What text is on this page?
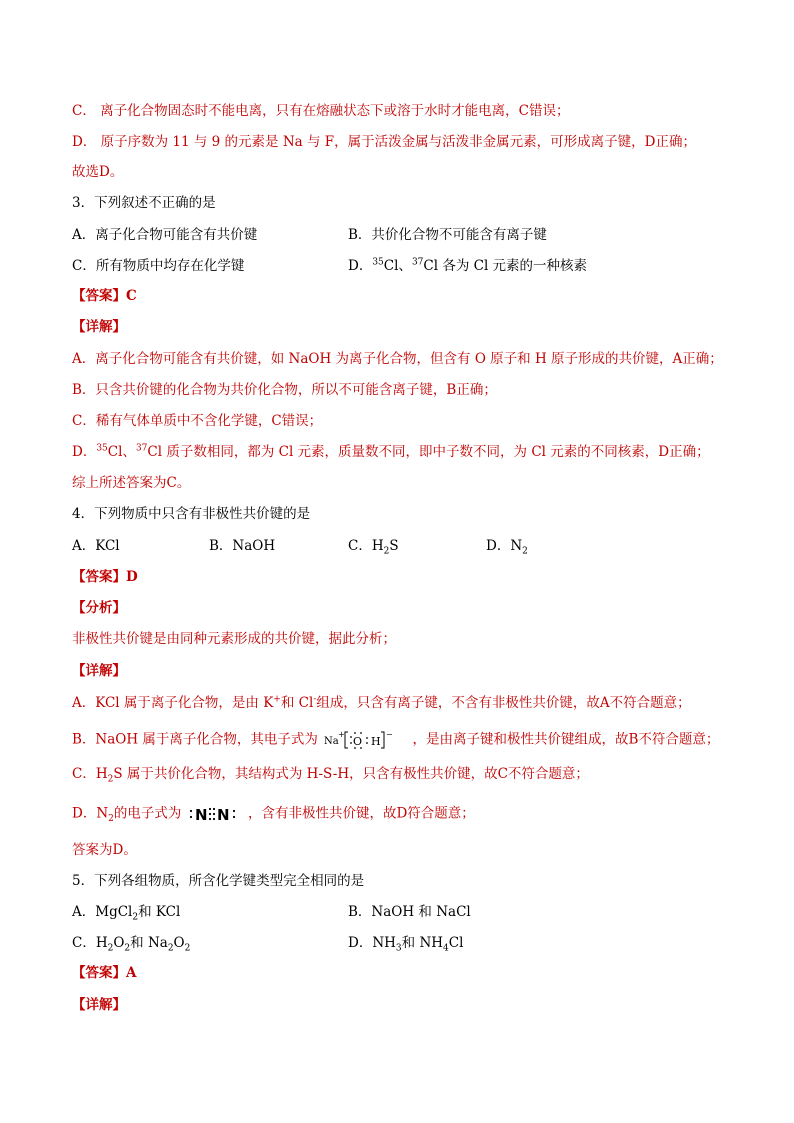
C． 离子化合物固态时不能电离，只有在熔融状态下或溶于水时才能电离，C错误；
D． 原子序数为 11 与 9 的元素是 Na 与 F，属于活泼金属与活泼非金属元素，可形成离子键，D正确；
故选D。
3．下列叙述不正确的是
A．离子化合物可能含有共价键	B．共价化合物不可能含有离子键
C．所有物质中均存在化学键	D．$^{35}$Cl、$^{37}$Cl 各为 Cl 元素的一种核素
【答案】C
【详解】
A．离子化合物可能含有共价键，如 NaOH 为离子化合物，但含有 O 原子和 H 原子形成的共价键，A正确；
B．只含共价键的化合物为共价化合物，所以不可能含离子键，B正确；
C．稀有气体单质中不含化学键，C错误；
D．$^{35}$Cl、$^{37}$Cl 质子数相同，都为 Cl 元素，质量数不同，即中子数不同，为 Cl 元素的不同核素，D正确；
综上所述答案为C。
4．下列物质中只含有非极性共价键的是
A．KCl	B．NaOH	C．$H_2S$	D．$N_2$
【答案】D
【分析】
非极性共价键是由同种元素形成的共价键，据此分析；
【详解】
A．KCl 属于离子化合物，是由 K+和 Cl-组成，只含有离子键，不含有非极性共价键，故A不符合题意；
B．NaOH 属于离子化合物，其电子式为 Na
+
O H
− ，是由离子键和极性共价键组成，故B不符合题意；
C．$H_2S$ 属于共价化合物，其结构式为 H-S-H，只含有极性共价键，故C不符合题意；
D．$N_2$的电子式为 N N ，含有非极性共价键，故D符合题意；
答案为D。
5．下列各组物质，所含化学键类型完全相同的是
A．MgCl$_2$和 KCl	B．NaOH 和 NaCl
C．$H_2O_2$和 $Na_2O_2$	D．$NH_3$和 $NH_4Cl$
【答案】A
【详解】
